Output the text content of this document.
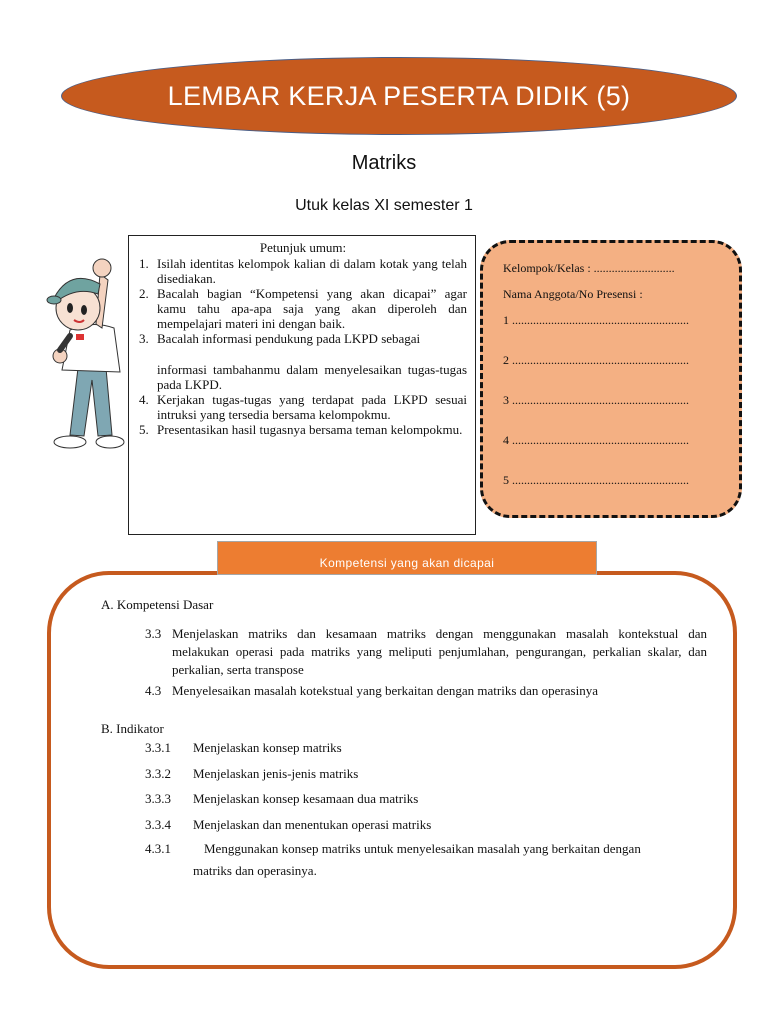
LEMBAR KERJA PESERTA DIDIK (5)
Matriks
Utuk kelas XI semester 1
Petunjuk umum:
1. Isilah identitas kelompok kalian di dalam kotak yang telah disediakan.
2. Bacalah bagian “Kompetensi yang akan dicapai” agar kamu tahu apa-apa saja yang akan diperoleh dan mempelajari materi ini dengan baik.
3. Bacalah informasi pendukung pada LKPD sebagai
informasi tambahanmu dalam menyelesaikan tugas-tugas pada LKPD.
4. Kerjakan tugas-tugas yang terdapat pada LKPD sesuai intruksi yang tersedia bersama kelompokmu.
5. Presentasikan hasil tugasnya bersama teman kelompokmu.
Kelompok/Kelas : ...........................
Nama Anggota/No Presensi :
1 ...........................................................
2 ...........................................................
3 ...........................................................
4 ...........................................................
5 ...........................................................
Kompetensi yang akan dicapai
A. Kompetensi Dasar
3.3 Menjelaskan matriks dan kesamaan matriks dengan menggunakan masalah kontekstual dan melakukan operasi pada matriks yang meliputi penjumlahan, pengurangan, perkalian skalar, dan perkalian, serta transpose
4.3 Menyelesaikan masalah kotekstual yang berkaitan dengan matriks dan operasinya
B. Indikator
3.3.1 Menjelaskan konsep matriks
3.3.2 Menjelaskan jenis-jenis matriks
3.3.3 Menjelaskan konsep kesamaan dua matriks
3.3.4 Menjelaskan dan menentukan operasi matriks
4.3.1	Menggunakan konsep matriks untuk menyelesaikan masalah yang berkaitan dengan
matriks dan operasinya.
